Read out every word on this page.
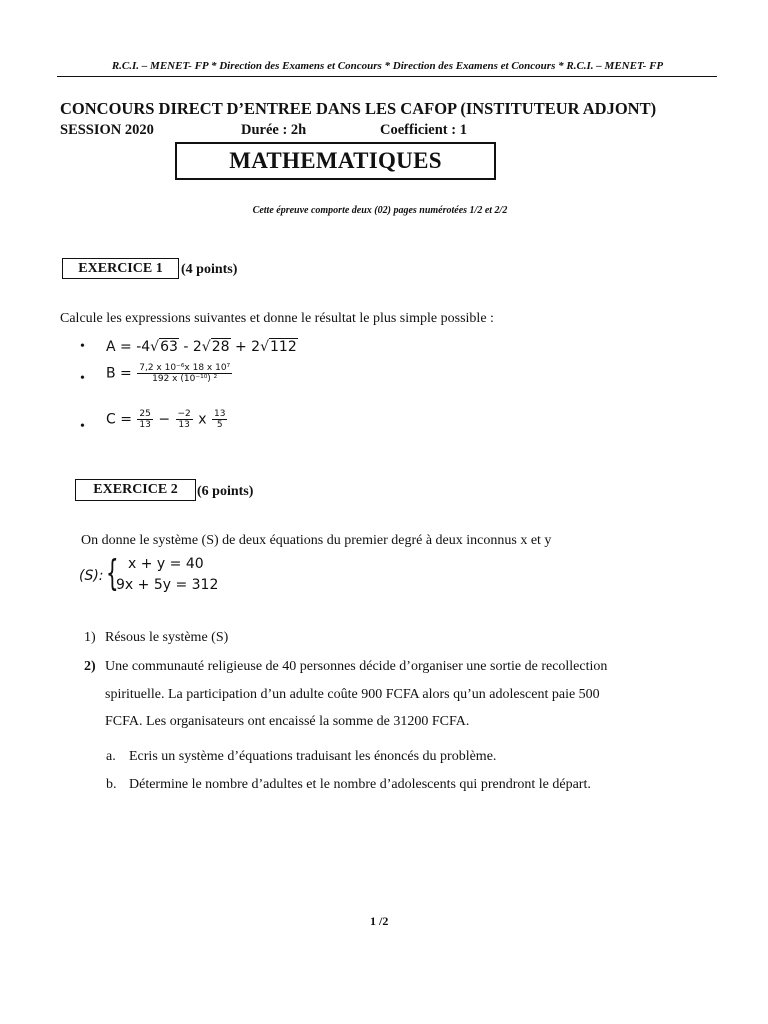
R.C.I. – MENET- FP * Direction des Examens et Concours * Direction des Examens et Concours * R.C.I. – MENET- FP
CONCOURS DIRECT D’ENTREE DANS LES CAFOP (INSTITUTEUR ADJONT)
SESSION 2020	Durée : 2h	Coefficient : 1
MATHEMATIQUES
Cette épreuve comporte deux (02) pages numérotées 1/2 et 2/2
EXERCICE 1	(4 points)
Calcule les expressions suivantes et donne le résultat le plus simple possible :
• A = -4√63 - 2√28 + 2√112
• $B = \frac{\text{7,2 x 10⁻⁶x 18 x 10⁷}}{\text{192 x (10⁻¹⁰) ²}}$
• $C = \frac{25}{13} - \frac{-2}{13}$ x $\frac{13}{5}$
EXERCICE 2	(6 points)
On donne le système (S) de deux équations du premier degré à deux inconnus x et y
(S): { x + y = 40
9x + 5y = 312
1) Résous le système (S)
2) Une communauté religieuse de 40 personnes décide d’organiser une sortie de recollection
spirituelle. La participation d’un adulte coûte 900 FCFA alors qu’un adolescent paie 500
FCFA. Les organisateurs ont encaissé la somme de 31200 FCFA.
a. Ecris un système d’équations traduisant les énoncés du problème.
b. Détermine le nombre d’adultes et le nombre d’adolescents qui prendront le départ.
1 /2
